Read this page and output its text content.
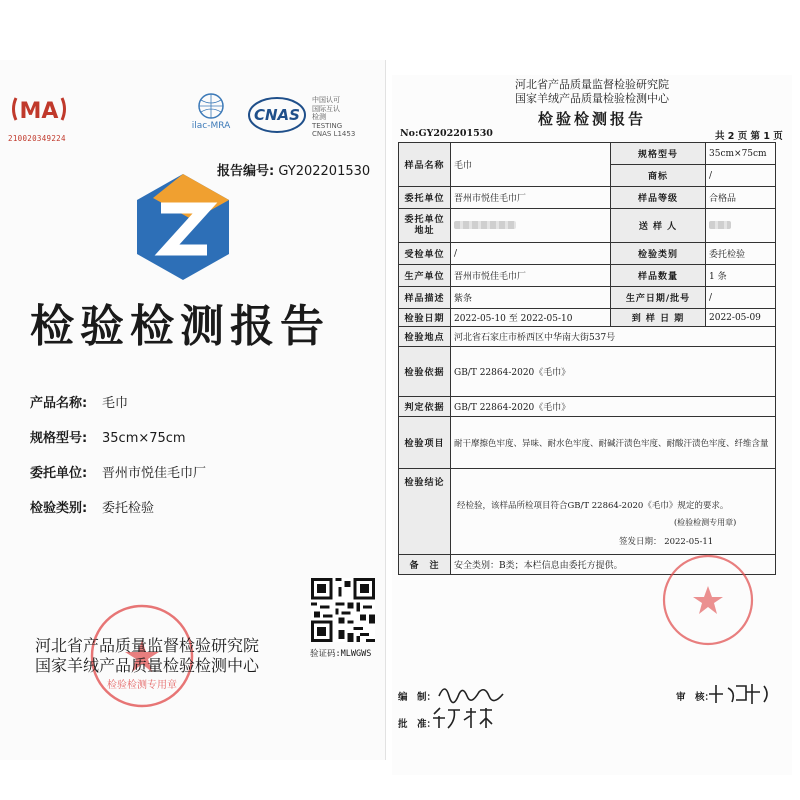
MA
210020349224
ilac-MRA
CNAS
中国认可
国际互认
检测
TESTING
CNAS L1453
报告编号: GY202201530
检验检测报告
产品名称: 毛巾
规格型号: 35cm×75cm
委托单位: 晋州市悦佳毛巾厂
检验类别: 委托检验
检验检测专用章
河北省产品质量监督检验研究院
国家羊绒产品质量检验检测中心
验证码:MLWGWS
河北省产品质量监督检验研究院
国家羊绒产品质量检验检测中心
检验检测报告
No:GY202201530	共 2 页 第 1 页
样品名称	毛巾	规格型号	35cm×75cm
		商标	/
委托单位	晋州市悦佳毛巾厂	样品等级	合格品
委托单位地址		送 样 人	
受检单位	/	检验类别	委托检验
生产单位	晋州市悦佳毛巾厂	样品数量	1 条
样品描述	紫条	生产日期/批号	/
检验日期	2022-05-10 至 2022-05-10	到 样 日 期	2022-05-09
检验地点	河北省石家庄市桥西区中华南大街537号		
检验依据	GB/T 22864-2020《毛巾》		
判定依据	GB/T 22864-2020《毛巾》		
检验项目	耐干摩擦色牢度、异味、耐水色牢度、耐碱汗渍色牢度、耐酸汗渍色牢度、纤维含量		
检验结论	经检验，该样品所检项目符合GB/T 22864-2020《毛巾》规定的要求。
(检验检测专用章)
签发日期： 2022-05-11		

备　注	安全类别：B类；本栏信息由委托方提供。		
编　制：	审　核：
批　准：
